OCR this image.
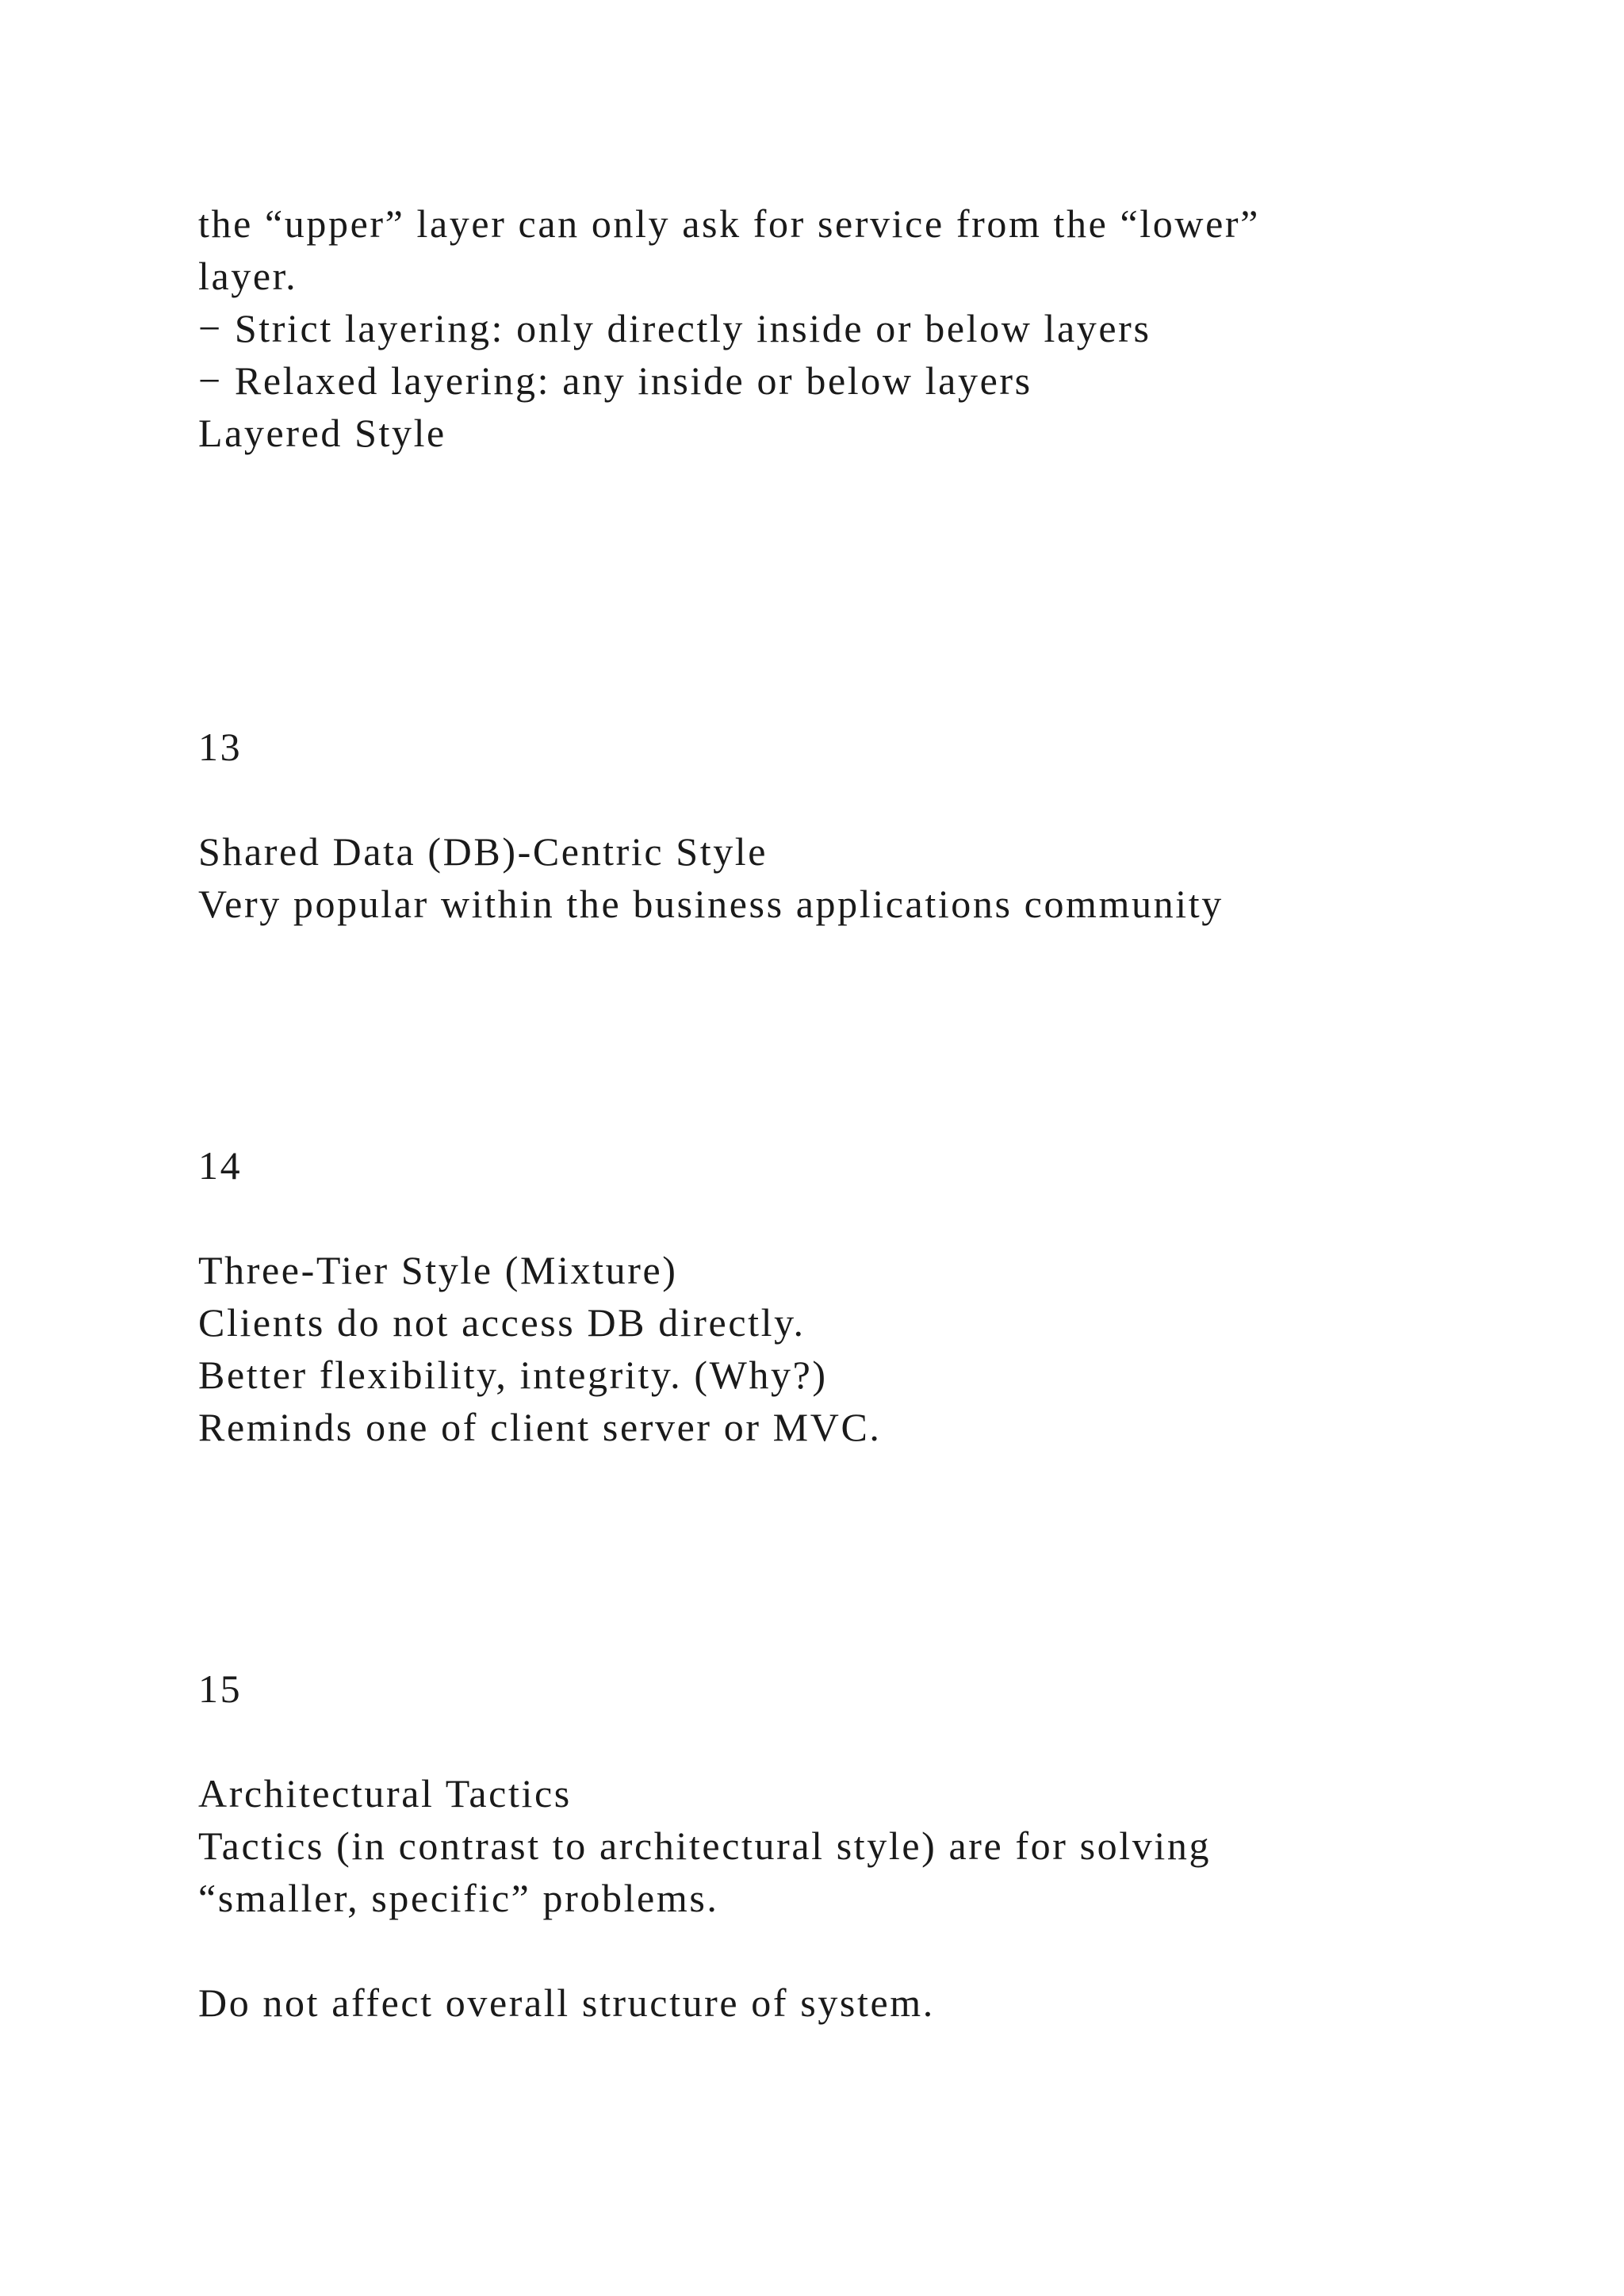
the “upper” layer can only ask for service from the “lower”

layer.

− Strict layering: only directly inside or below layers

− Relaxed layering: any inside or below layers

Layered Style

13

Shared Data (DB)-Centric Style

Very popular within the business applications community

14

Three-Tier Style (Mixture)

Clients do not access DB directly.

Better flexibility, integrity. (Why?)

Reminds one of client server or MVC.

15

Architectural Tactics

Tactics (in contrast to architectural style) are for solving

“smaller, specific” problems.

Do not affect overall structure of system.
